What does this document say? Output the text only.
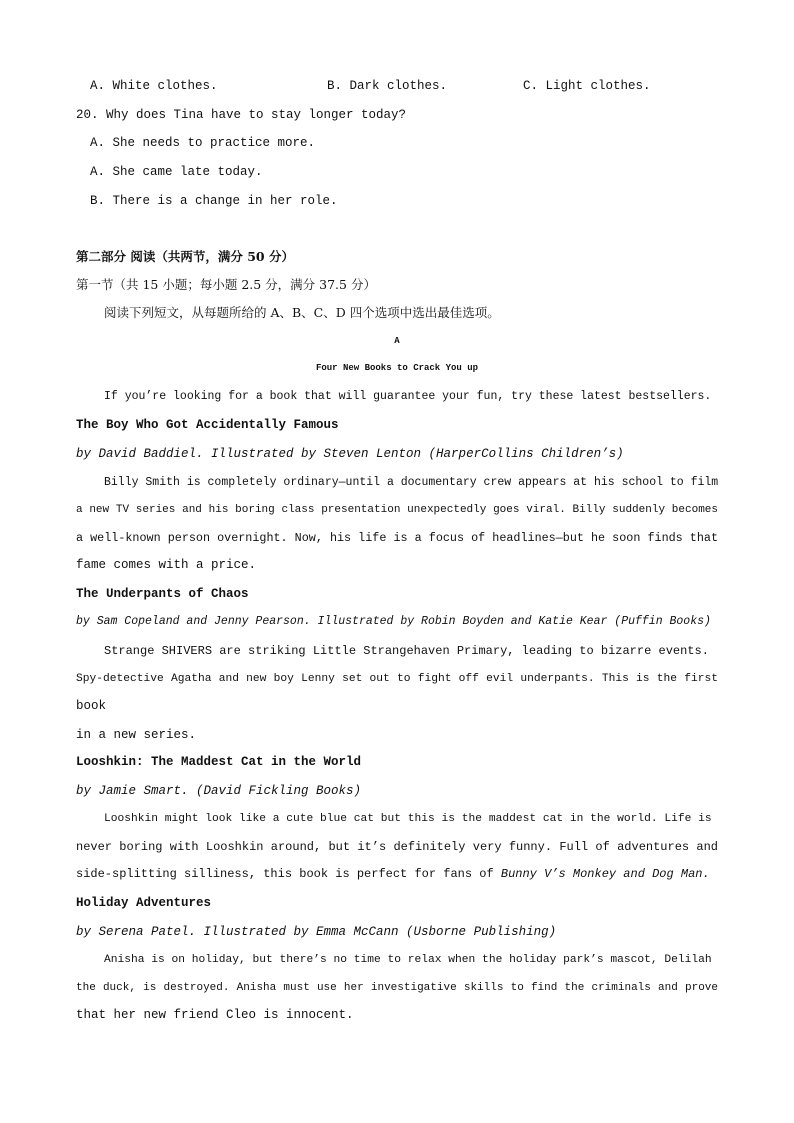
A. White clothes.	B. Dark clothes.	C. Light clothes.
20. Why does Tina have to stay longer today?
A. She needs to practice more.
A. She came late today.
B. There is a change in her role.
第二部分 阅读（共两节，满分 50 分）
第一节（共 15 小题；每小题 2.5 分，满分 37.5 分）
阅读下列短文，从每题所给的 A、B、C、D 四个选项中选出最佳选项。
A
Four New Books to Crack You up
If you’re looking for a book that will guarantee your fun, try these latest bestsellers.
The Boy Who Got Accidentally Famous
by David Baddiel. Illustrated by Steven Lenton (HarperCollins Children’s)
Billy Smith is completely ordinary—until a documentary crew appears at his school to film
a new TV series and his boring class presentation unexpectedly goes viral. Billy suddenly becomes
a well-known person overnight. Now, his life is a focus of headlines—but he soon finds that
fame comes with a price.
The Underpants of Chaos
by Sam Copeland and Jenny Pearson. Illustrated by Robin Boyden and Katie Kear (Puffin Books)
Strange SHIVERS are striking Little Strangehaven Primary, leading to bizarre events.
Spy-detective Agatha and new boy Lenny set out to fight off evil underpants. This is the first
book
in a new series.
Looshkin: The Maddest Cat in the World
by Jamie Smart. (David Fickling Books)
Looshkin might look like a cute blue cat but this is the maddest cat in the world. Life is
never boring with Looshkin around, but it’s definitely very funny. Full of adventures and
side-splitting silliness, this book is perfect for fans of Bunny V’s Monkey and Dog Man.
Holiday Adventures
by Serena Patel. Illustrated by Emma McCann (Usborne Publishing)
Anisha is on holiday, but there’s no time to relax when the holiday park’s mascot, Delilah
the duck, is destroyed. Anisha must use her investigative skills to find the criminals and prove
that her new friend Cleo is innocent.
